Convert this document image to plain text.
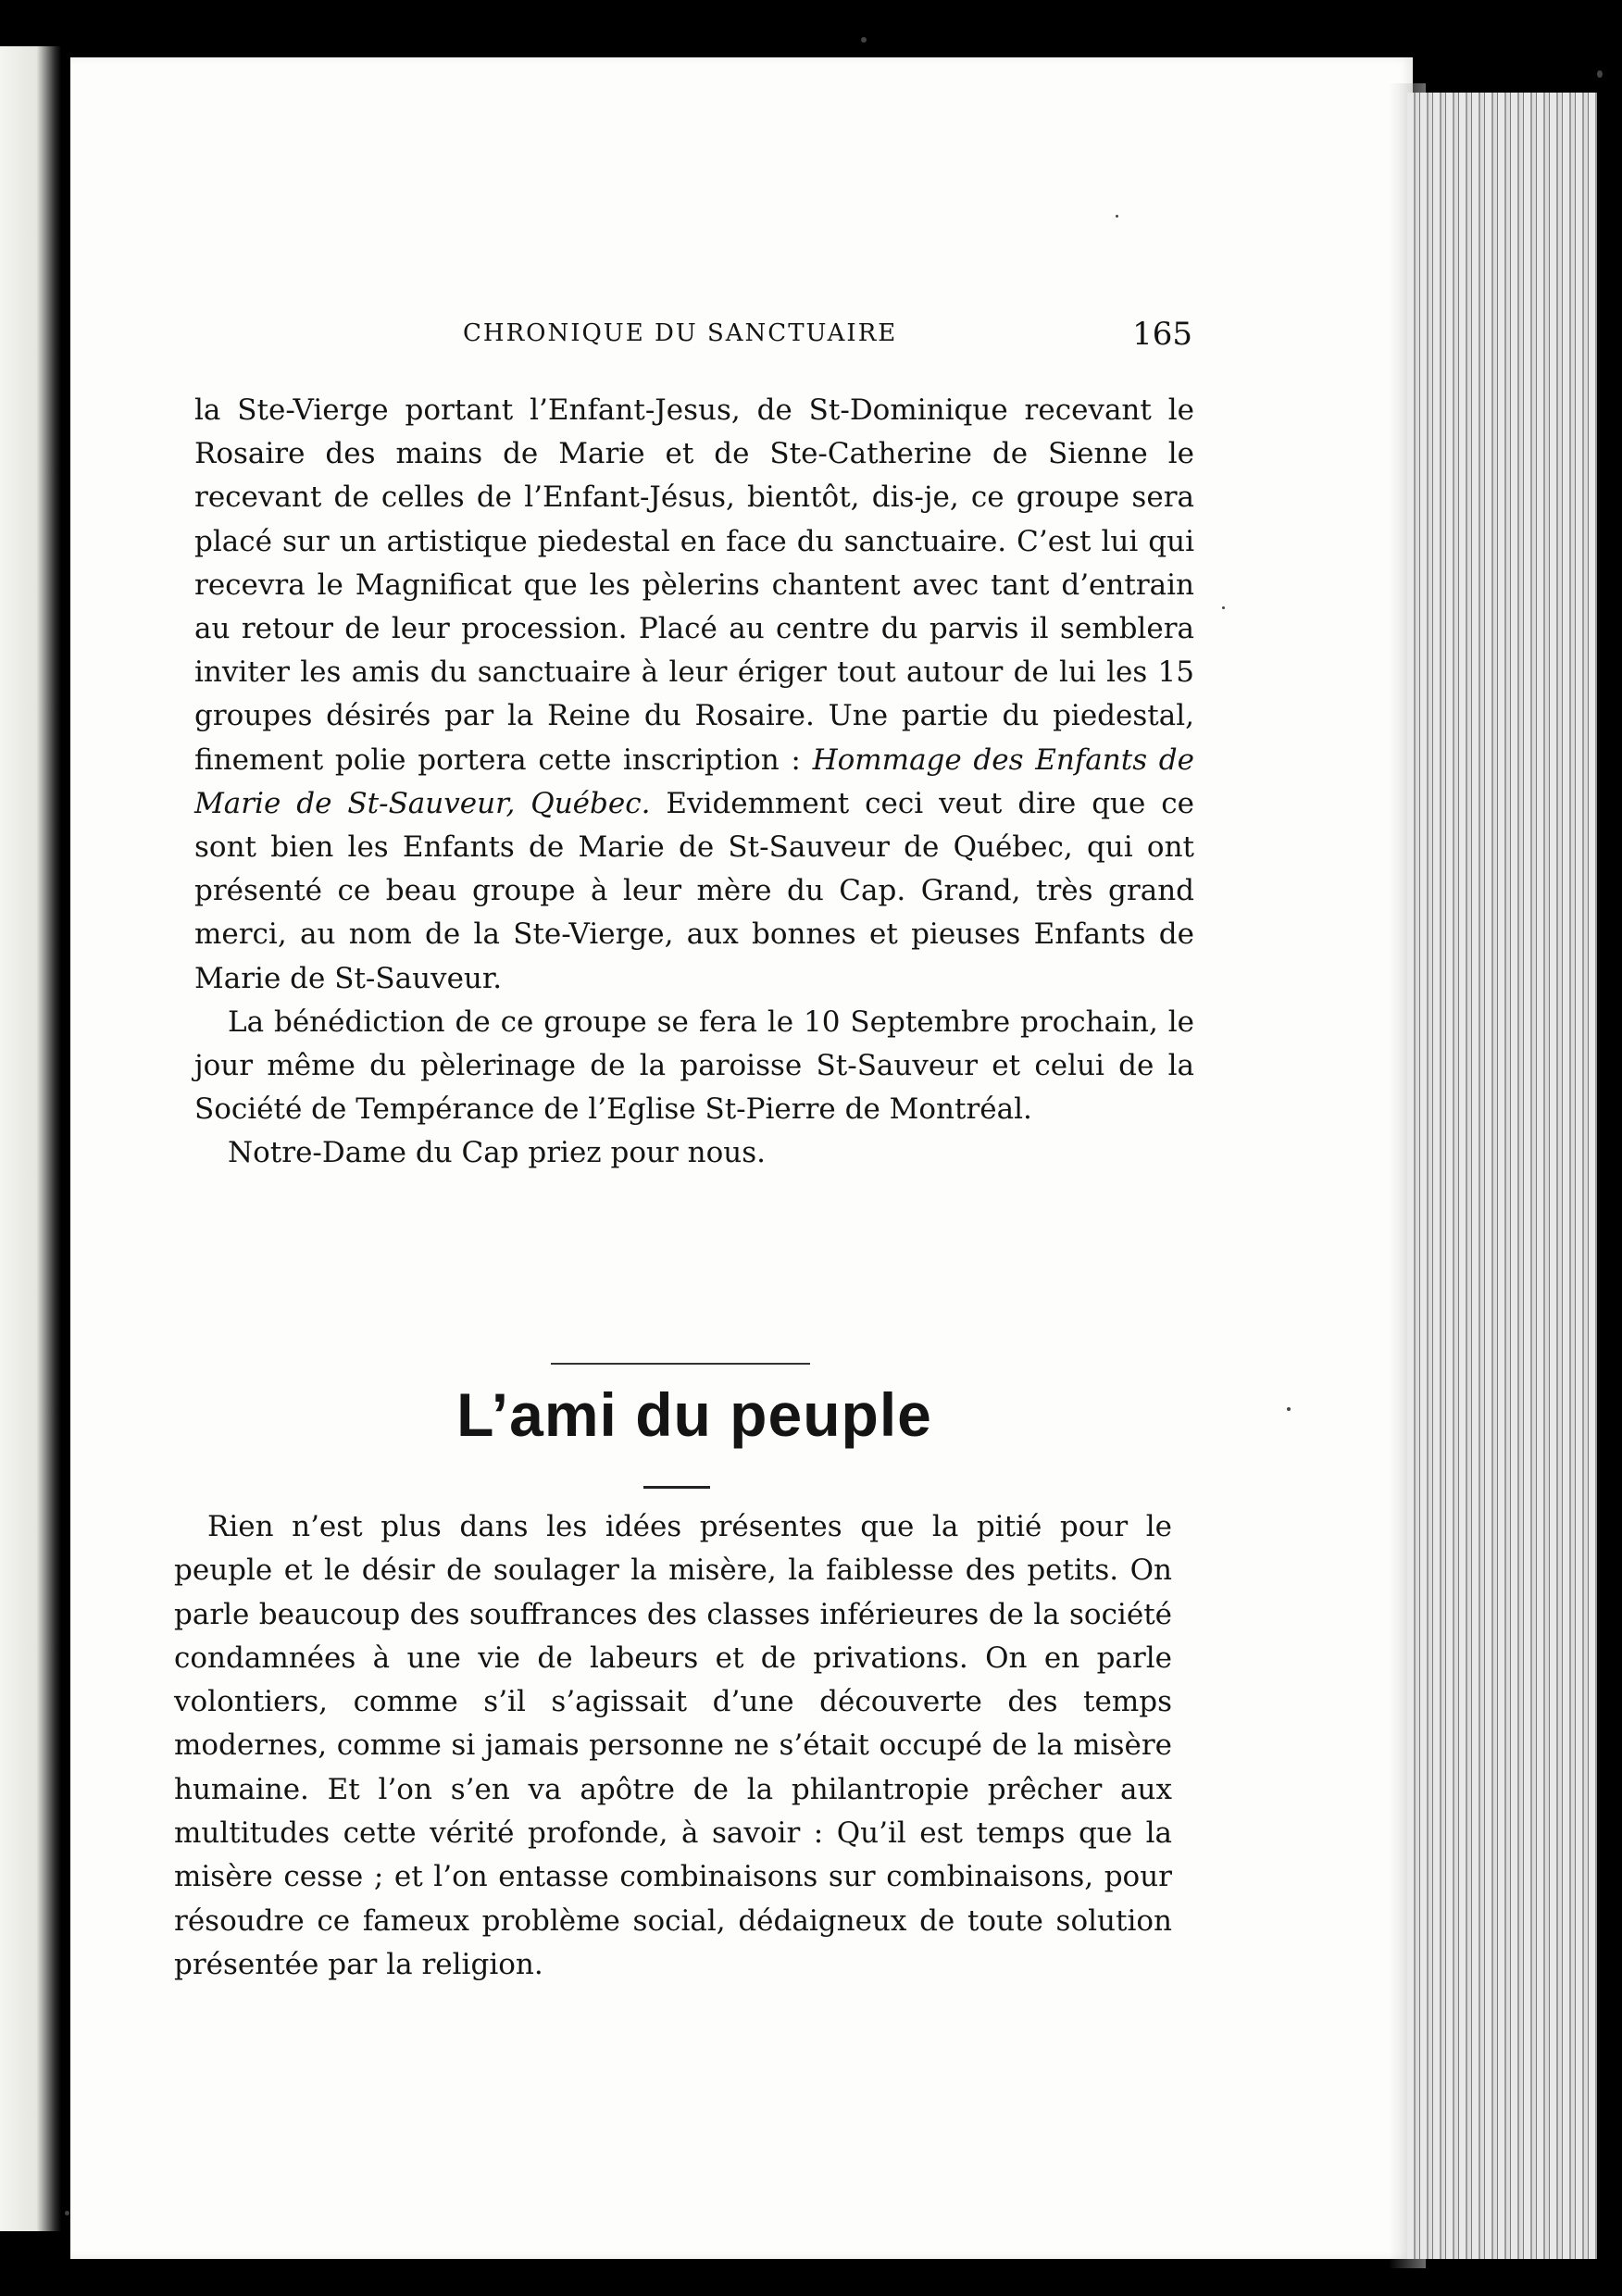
CHRONIQUE DU SANCTUAIRE	165

la Ste-Vierge portant l’Enfant-Jesus, de St-Dominique recevant le Rosaire des mains de Marie et de Ste-Catherine de Sienne le recevant de celles de l’Enfant-Jésus, bientôt, dis-je, ce groupe sera placé sur un artistique piedestal en face du sanctuaire. C’est lui qui recevra le Magnificat que les pèlerins chantent avec tant d’entrain au retour de leur procession. Placé au centre du parvis il semblera inviter les amis du sanctuaire à leur ériger tout autour de lui les 15 groupes désirés par la Reine du Rosaire. Une partie du piedestal, finement polie portera cette inscription : Hommage des Enfants de Marie de St-Sauveur, Québec. Evidemment ceci veut dire que ce sont bien les Enfants de Marie de St-Sauveur de Québec, qui ont présenté ce beau groupe à leur mère du Cap. Grand, très grand merci, au nom de la Ste-Vierge, aux bonnes et pieuses Enfants de Marie de St-Sauveur.

La bénédiction de ce groupe se fera le 10 Septembre prochain, le jour même du pèlerinage de la paroisse St-Sauveur et celui de la Société de Tempérance de l’Eglise St-Pierre de Montréal.

Notre-Dame du Cap priez pour nous.

L’ami du peuple

Rien n’est plus dans les idées présentes que la pitié pour le peuple et le désir de soulager la misère, la faiblesse des petits. On parle beaucoup des souffrances des classes inférieures de la société condamnées à une vie de labeurs et de privations. On en parle volontiers, comme s’il s’agissait d’une découverte des temps modernes, comme si jamais personne ne s’était occupé de la misère humaine. Et l’on s’en va apôtre de la philantropie prêcher aux multitudes cette vérité profonde, à savoir : Qu’il est temps que la misère cesse ; et l’on entasse combinaisons sur combinaisons, pour résoudre ce fameux problème social, dédaigneux de toute solution présentée par la religion.
